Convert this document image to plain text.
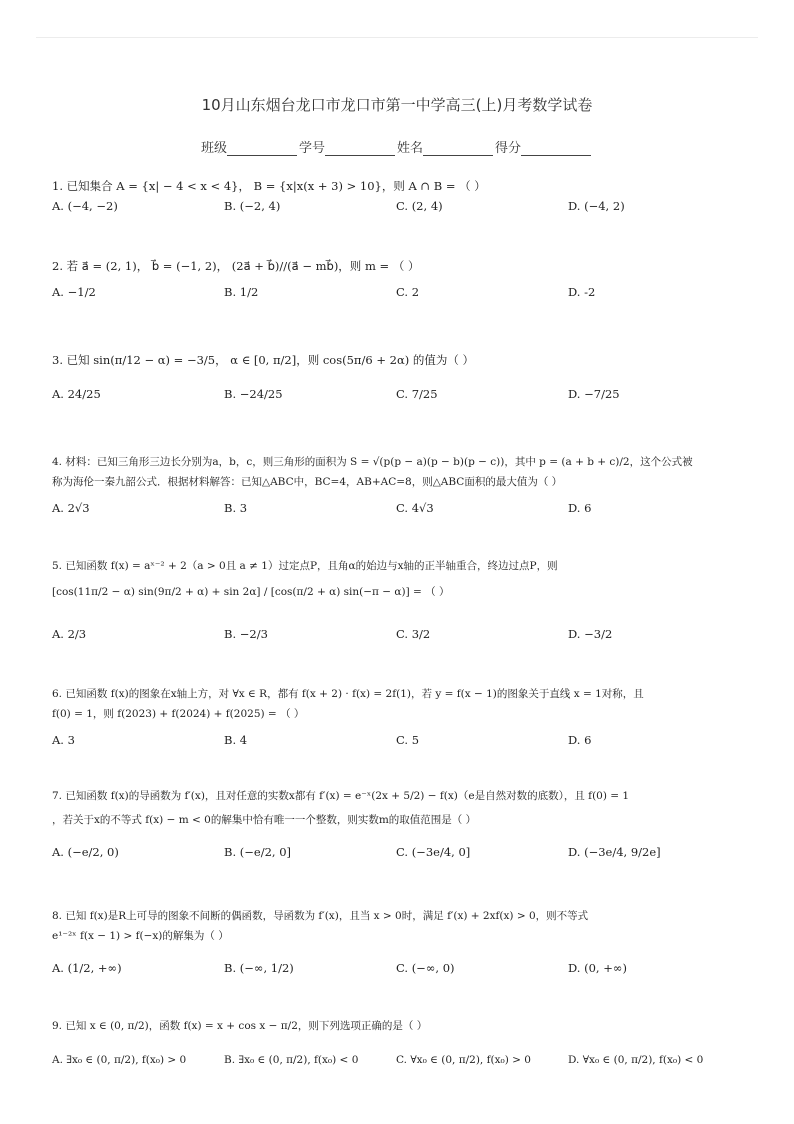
10月山东烟台龙口市龙口市第一中学高三(上)月考数学试卷
班级	学号	姓名	得分
1. 已知集合 A = {x| − 4 < x < 4}， B = {x|x(x + 3) > 10}，则 A ∩ B = （ ）
A. (−4, −2)	B. (−2, 4)	C. (2, 4)	D. (−4, 2)
2. 若 a⃗ = (2, 1)， b⃗ = (−1, 2)， (2a⃗ + b⃗)//(a⃗ − mb⃗)，则 m = （ ）
A. −1/2	B. 1/2	C. 2	D. -2
3. 已知 sin(π/12 − α) = −3/5， α ∈ [0, π/2]，则 cos(5π/6 + 2α) 的值为（ ）
A. 24/25	B. −24/25	C. 7/25	D. −7/25
4. 材料：已知三角形三边长分别为a，b，c，则三角形的面积为 S = √(p(p − a)(p − b)(p − c))，其中 p = (a + b + c)/2，这个公式被
称为海伦一秦九韶公式．根据材料解答：已知△ABC中，BC=4，AB+AC=8，则△ABC面积的最大值为（ ）
A. 2√3	B. 3	C. 4√3	D. 6
5. 已知函数 f(x) = aˣ⁻² + 2（a > 0且 a ≠ 1）过定点P，且角α的始边与x轴的正半轴重合，终边过点P，则
[cos(11π/2 − α) sin(9π/2 + α) + sin 2α] / [cos(π/2 + α) sin(−π − α)] = （ ）
A. 2/3	B. −2/3	C. 3/2	D. −3/2
6. 已知函数 f(x)的图象在x轴上方，对 ∀x ∈ R，都有 f(x + 2) · f(x) = 2f(1)，若 y = f(x − 1)的图象关于直线 x = 1对称，且
f(0) = 1，则 f(2023) + f(2024) + f(2025) = （ ）
A. 3	B. 4	C. 5	D. 6
7. 已知函数 f(x)的导函数为 f′(x)，且对任意的实数x都有 f′(x) = e⁻ˣ(2x + 5/2) − f(x)（e是自然对数的底数），且 f(0) = 1
，若关于x的不等式 f(x) − m < 0的解集中恰有唯一一个整数，则实数m的取值范围是（ ）
A. (−e/2, 0)	B. (−e/2, 0]	C. (−3e/4, 0]	D. (−3e/4, 9/2e]
8. 已知 f(x)是R上可导的图象不间断的偶函数，导函数为 f′(x)，且当 x > 0时，满足 f′(x) + 2xf(x) > 0，则不等式
e¹⁻²ˣ f(x − 1) > f(−x)的解集为（ ）
A. (1/2, +∞)	B. (−∞, 1/2)	C. (−∞, 0)	D. (0, +∞)
9. 已知 x ∈ (0, π/2)，函数 f(x) = x + cos x − π/2，则下列选项正确的是（ ）
A. ∃x₀ ∈ (0, π/2), f(x₀) > 0	B. ∃x₀ ∈ (0, π/2), f(x₀) < 0	C. ∀x₀ ∈ (0, π/2), f(x₀) > 0	D. ∀x₀ ∈ (0, π/2), f(x₀) < 0
